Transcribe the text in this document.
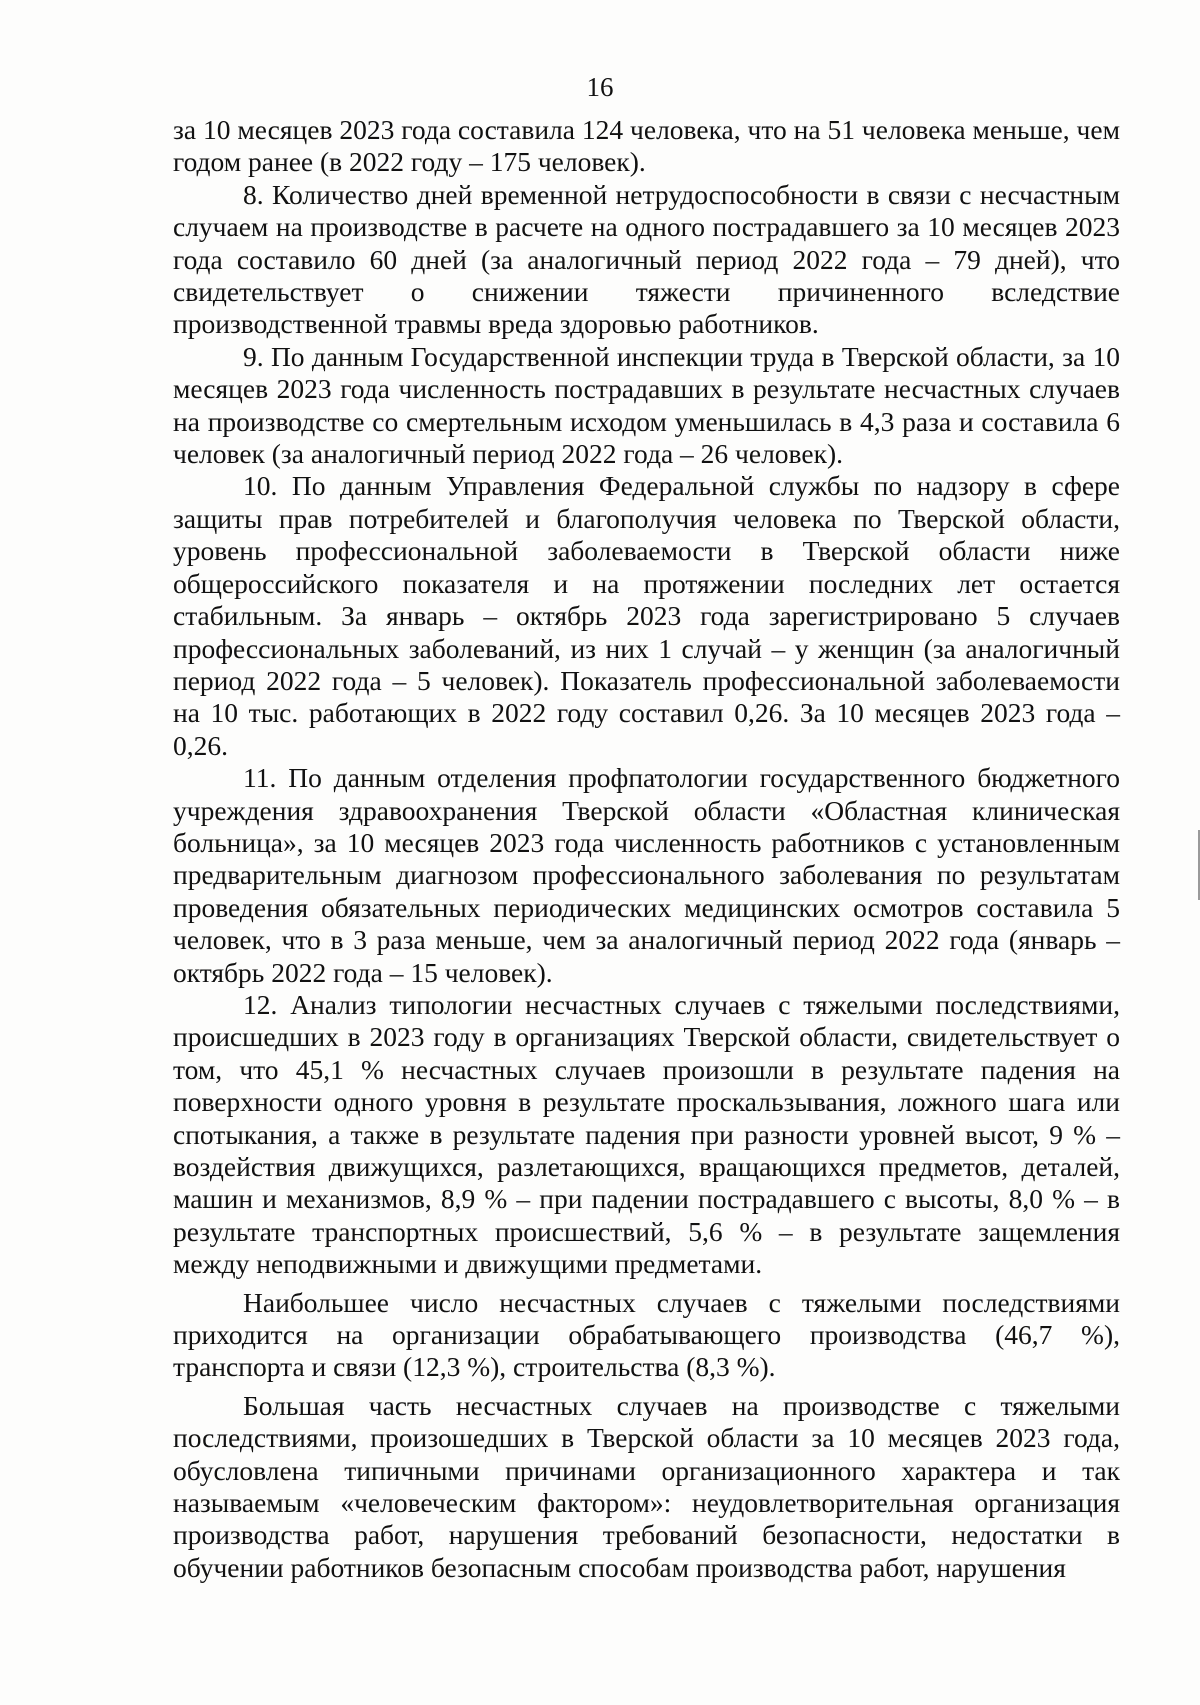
16

за 10 месяцев 2023 года составила 124 человека, что на 51 человека меньше, чем годом ранее (в 2022 году – 175 человек).

8. Количество дней временной нетрудоспособности в связи с несчастным случаем на производстве в расчете на одного пострадавшего за 10 месяцев 2023 года составило 60 дней (за аналогичный период 2022 года – 79 дней), что свидетельствует о снижении тяжести причиненного вследствие производственной травмы вреда здоровью работников.

9. По данным Государственной инспекции труда в Тверской области, за 10 месяцев 2023 года численность пострадавших в результате несчастных случаев на производстве со смертельным исходом уменьшилась в 4,3 раза и составила 6 человек (за аналогичный период 2022 года – 26 человек).

10. По данным Управления Федеральной службы по надзору в сфере защиты прав потребителей и благополучия человека по Тверской области, уровень профессиональной заболеваемости в Тверской области ниже общероссийского показателя и на протяжении последних лет остается стабильным. За январь – октябрь 2023 года зарегистрировано 5 случаев профессиональных заболеваний, из них 1 случай – у женщин (за аналогичный период 2022 года – 5 человек). Показатель профессиональной заболеваемости на 10 тыс. работающих в 2022 году составил 0,26. За 10 месяцев 2023 года – 0,26.

11. По данным отделения профпатологии государственного бюджетного учреждения здравоохранения Тверской области «Областная клиническая больница», за 10 месяцев 2023 года численность работников с установленным предварительным диагнозом профессионального заболевания по результатам проведения обязательных периодических медицинских осмотров составила 5 человек, что в 3 раза меньше, чем за аналогичный период 2022 года (январь – октябрь 2022 года – 15 человек).

12. Анализ типологии несчастных случаев с тяжелыми последствиями, происшедших в 2023 году в организациях Тверской области, свидетельствует о том, что 45,1 % несчастных случаев произошли в результате падения на поверхности одного уровня в результате проскальзывания, ложного шага или спотыкания, а также в результате падения при разности уровней высот, 9 % – воздействия движущихся, разлетающихся, вращающихся предметов, деталей, машин и механизмов, 8,9 % – при падении пострадавшего с высоты, 8,0 % – в результате транспортных происшествий, 5,6 % – в результате защемления между неподвижными и движущими предметами.

Наибольшее число несчастных случаев с тяжелыми последствиями приходится на организации обрабатывающего производства (46,7 %), транспорта и связи (12,3 %), строительства (8,3 %).

Большая часть несчастных случаев на производстве с тяжелыми последствиями, произошедших в Тверской области за 10 месяцев 2023 года, обусловлена типичными причинами организационного характера и так называемым «человеческим фактором»: неудовлетворительная организация производства работ, нарушения требований безопасности, недостатки в обучении работников безопасным способам производства работ, нарушения
